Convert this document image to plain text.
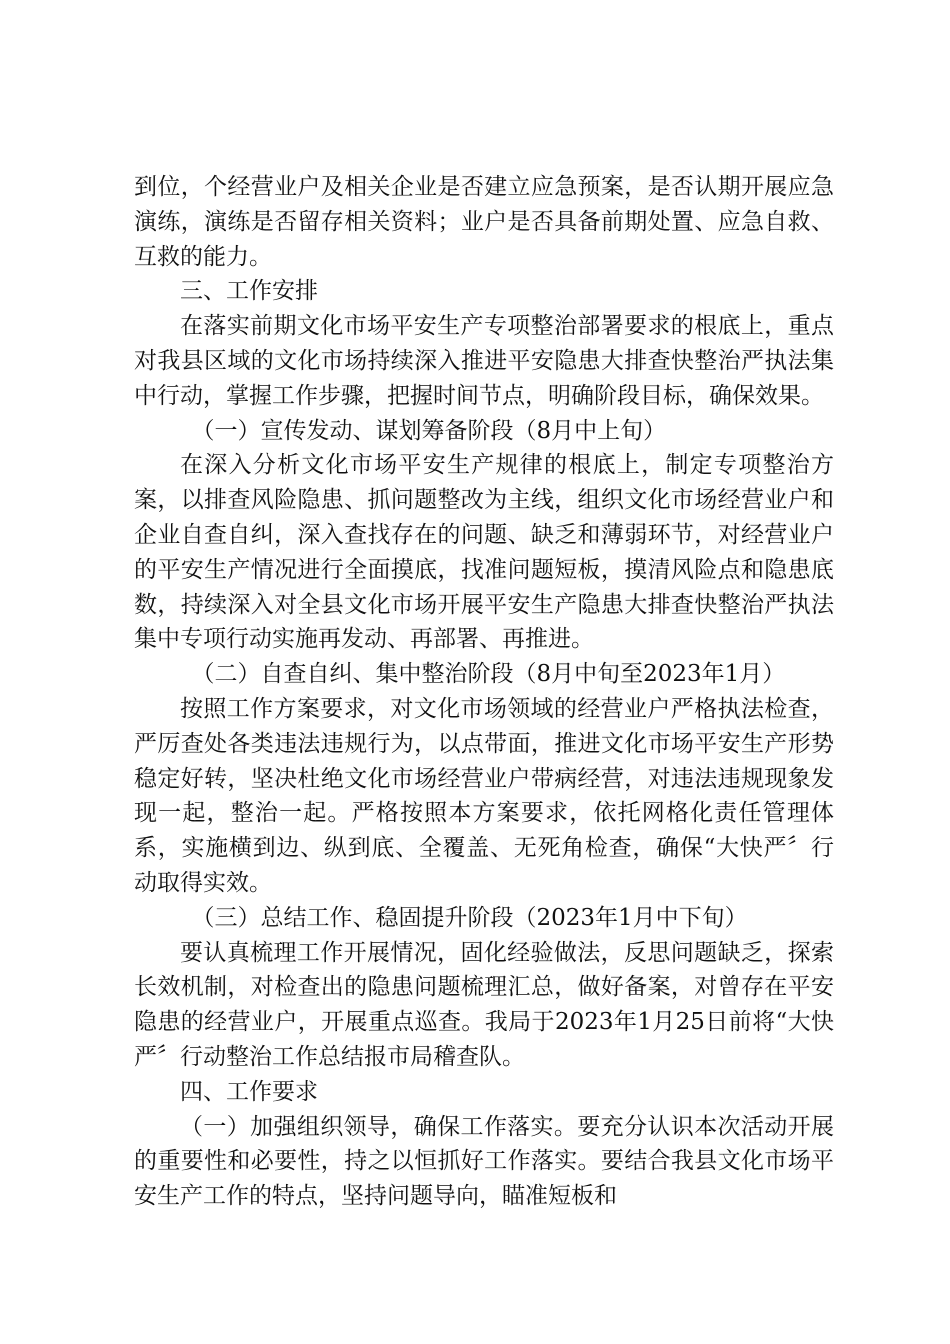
到位，个经营业户及相关企业是否建立应急预案，是否认期开展应急演练，演练是否留存相关资料；业户是否具备前期处置、应急自救、互救的能力。

三、工作安排

在落实前期文化市场平安生产专项整治部署要求的根底上，重点对我县区域的文化市场持续深入推进平安隐患大排查快整治严执法集中行动，掌握工作步骤，把握时间节点，明确阶段目标，确保效果。

（一）宣传发动、谋划筹备阶段（8月中上旬）

在深入分析文化市场平安生产规律的根底上，制定专项整治方案，以排查风险隐患、抓问题整改为主线，组织文化市场经营业户和企业自查自纠，深入查找存在的问题、缺乏和薄弱环节，对经营业户的平安生产情况进行全面摸底，找准问题短板，摸清风险点和隐患底数，持续深入对全县文化市场开展平安生产隐患大排查快整治严执法集中专项行动实施再发动、再部署、再推进。

（二）自查自纠、集中整治阶段（8月中旬至2023年1月）

按照工作方案要求，对文化市场领域的经营业户严格执法检查，严厉查处各类违法违规行为，以点带面，推进文化市场平安生产形势稳定好转，坚决杜绝文化市场经营业户带病经营，对违法违规现象发现一起，整治一起。严格按照本方案要求，依托网格化责任管理体系，实施横到边、纵到底、全覆盖、无死角检查，确保“大快严〞行动取得实效。

（三）总结工作、稳固提升阶段（2023年1月中下旬）

要认真梳理工作开展情况，固化经验做法，反思问题缺乏，探索长效机制，对检查出的隐患问题梳理汇总，做好备案，对曾存在平安隐患的经营业户，开展重点巡查。我局于2023年1月25日前将“大快严〞行动整治工作总结报市局稽查队。

四、工作要求

（一）加强组织领导，确保工作落实。要充分认识本次活动开展的重要性和必要性，持之以恒抓好工作落实。要结合我县文化市场平安生产工作的特点，坚持问题导向，瞄准短板和
